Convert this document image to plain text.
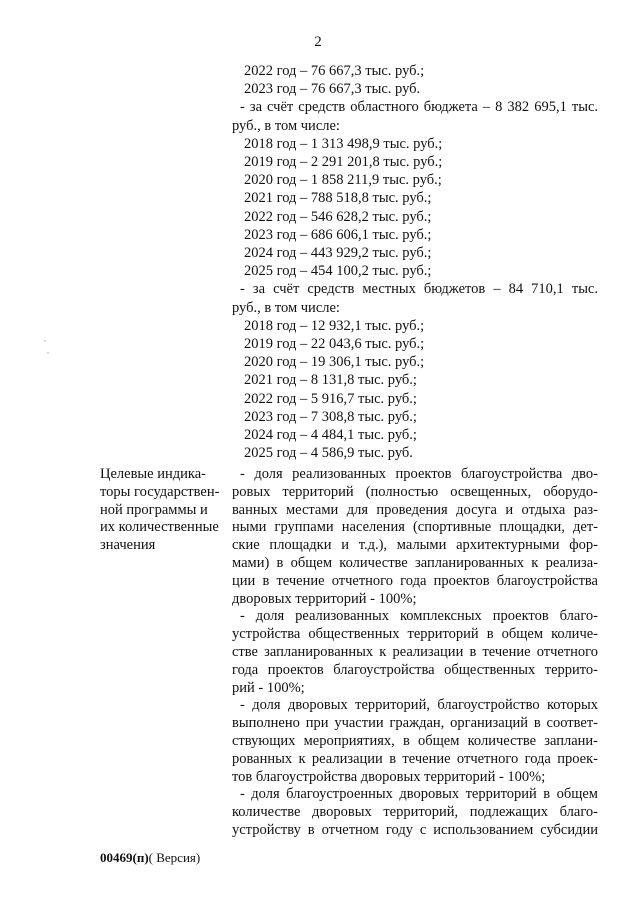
2
2022 год – 76 667,3 тыс. руб.;
2023 год – 76 667,3 тыс. руб.
- за счёт средств областного бюджета – 8 382 695,1 тыс.
руб., в том числе:
2018 год – 1 313 498,9 тыс. руб.;
2019 год – 2 291 201,8 тыс. руб.;
2020 год – 1 858 211,9 тыс. руб.;
2021 год – 788 518,8 тыс. руб.;
2022 год – 546 628,2 тыс. руб.;
2023 год – 686 606,1 тыс. руб.;
2024 год – 443 929,2 тыс. руб.;
2025 год – 454 100,2 тыс. руб.;
- за счёт средств местных бюджетов – 84 710,1 тыс.
руб., в том числе:
2018 год – 12 932,1 тыс. руб.;
2019 год – 22 043,6 тыс. руб.;
2020 год – 19 306,1 тыс. руб.;
2021 год – 8 131,8 тыс. руб.;
2022 год – 5 916,7 тыс. руб.;
2023 год – 7 308,8 тыс. руб.;
2024 год – 4 484,1 тыс. руб.;
2025 год – 4 586,9 тыс. руб.
Целевые индика-
торы государствен-
ной программы и
их количественные
значения
- доля реализованных проектов благоустройства дво-
ровых территорий (полностью освещенных, оборудо-
ванных местами для проведения досуга и отдыха раз-
ными группами населения (спортивные площадки, дет-
ские площадки и т.д.), малыми архитектурными фор-
мами) в общем количестве запланированных к реализа-
ции в течение отчетного года проектов благоустройства
дворовых территорий - 100%;
- доля реализованных комплексных проектов благо-
устройства общественных территорий в общем количе-
стве запланированных к реализации в течение отчетного
года проектов благоустройства общественных террито-
рий - 100%;
- доля дворовых территорий, благоустройство которых
выполнено при участии граждан, организаций в соответ-
ствующих мероприятиях, в общем количестве заплани-
рованных к реализации в течение отчетного года проек-
тов благоустройства дворовых территорий - 100%;
- доля благоустроенных дворовых территорий в общем
количестве дворовых территорий, подлежащих благо-
устройству в отчетном году с использованием субсидии
00469(п)( Версия)
